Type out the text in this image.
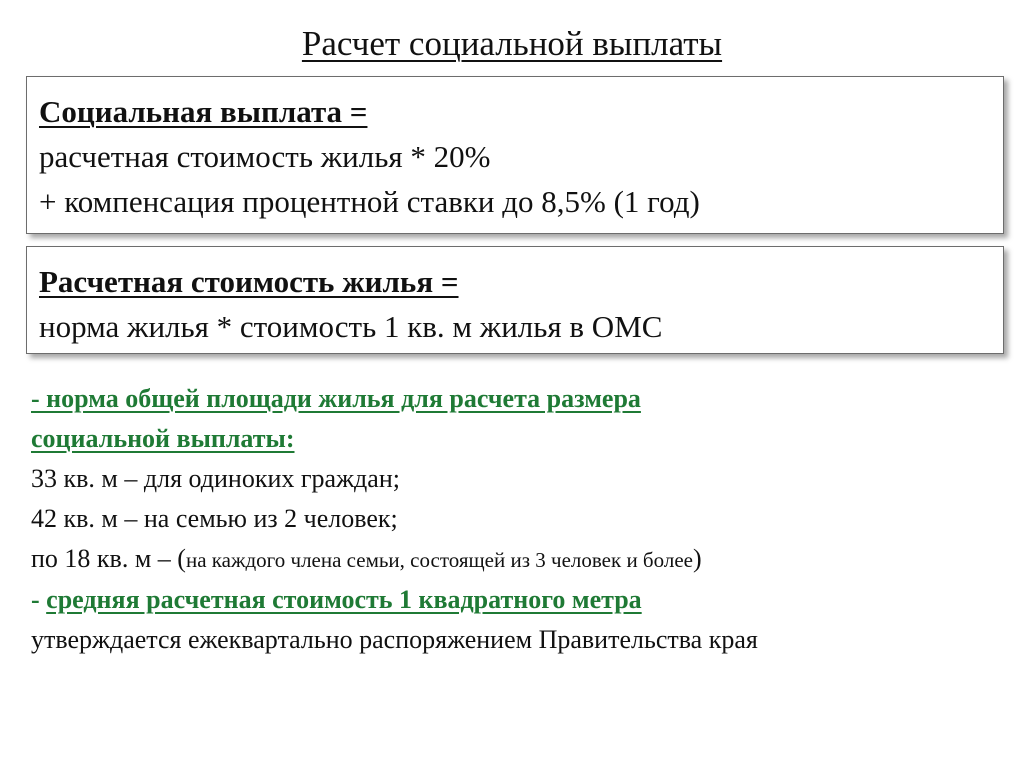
Расчет социальной выплаты
Социальная выплата =
расчетная стоимость жилья * 20%
+ компенсация процентной ставки до 8,5% (1 год)
Расчетная стоимость жилья =
норма жилья * стоимость 1 кв. м жилья в ОМС
- норма общей площади жилья для расчета размера
социальной выплаты:
33 кв. м – для одиноких граждан;
42 кв. м – на семью из 2 человек;
по 18 кв. м – (на каждого члена семьи, состоящей из 3 человек и более)
- средняя расчетная стоимость 1 квадратного метра
утверждается ежеквартально распоряжением Правительства края
